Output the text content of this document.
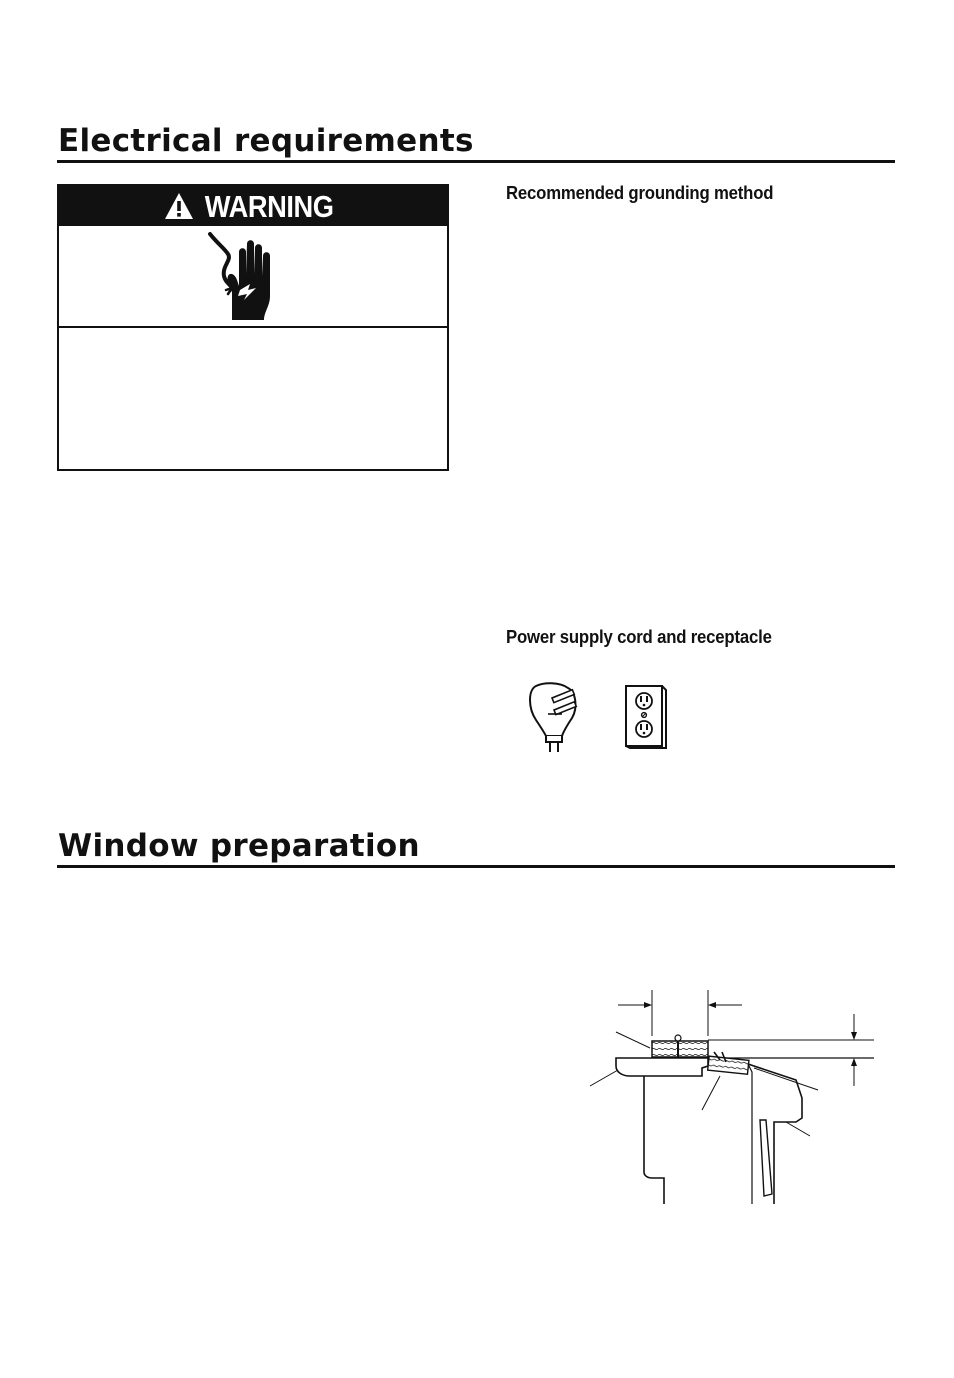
Electrical requirements
WARNING	Recommended grounding method
Power supply cord and receptacle
Window preparation
